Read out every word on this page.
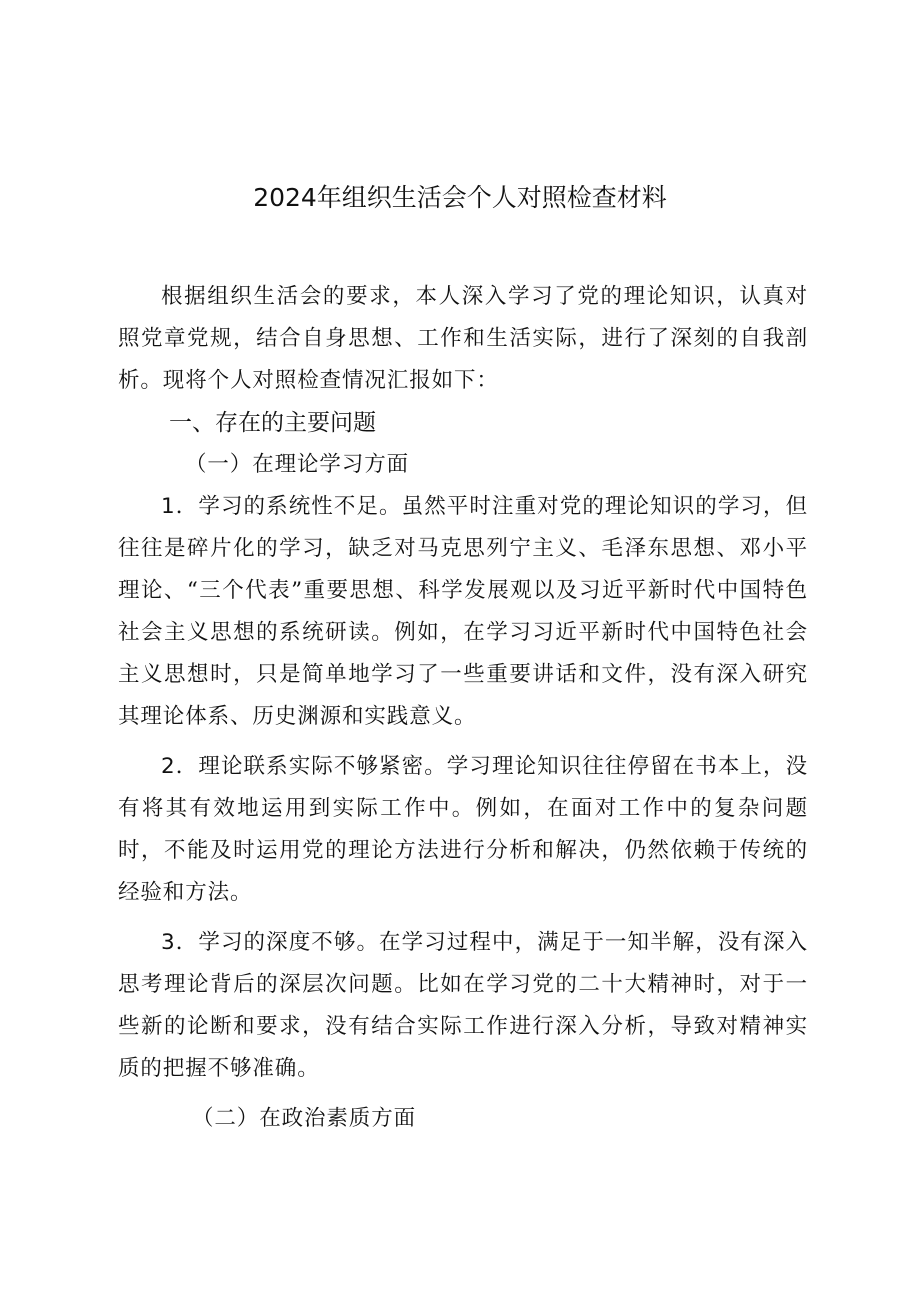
2024年组织生活会个人对照检查材料

根据组织生活会的要求，本人深入学习了党的理论知识，认真对照党章党规，结合自身思想、工作和生活实际，进行了深刻的自我剖析。现将个人对照检查情况汇报如下：

一、存在的主要问题
（一）在理论学习方面

1．学习的系统性不足。虽然平时注重对党的理论知识的学习，但往往是碎片化的学习，缺乏对马克思列宁主义、毛泽东思想、邓小平理论、“三个代表”重要思想、科学发展观以及习近平新时代中国特色社会主义思想的系统研读。例如，在学习习近平新时代中国特色社会主义思想时，只是简单地学习了一些重要讲话和文件，没有深入研究其理论体系、历史渊源和实践意义。

2．理论联系实际不够紧密。学习理论知识往往停留在书本上，没有将其有效地运用到实际工作中。例如，在面对工作中的复杂问题时，不能及时运用党的理论方法进行分析和解决，仍然依赖于传统的经验和方法。

3．学习的深度不够。在学习过程中，满足于一知半解，没有深入思考理论背后的深层次问题。比如在学习党的二十大精神时，对于一些新的论断和要求，没有结合实际工作进行深入分析，导致对精神实质的把握不够准确。

（二）在政治素质方面
